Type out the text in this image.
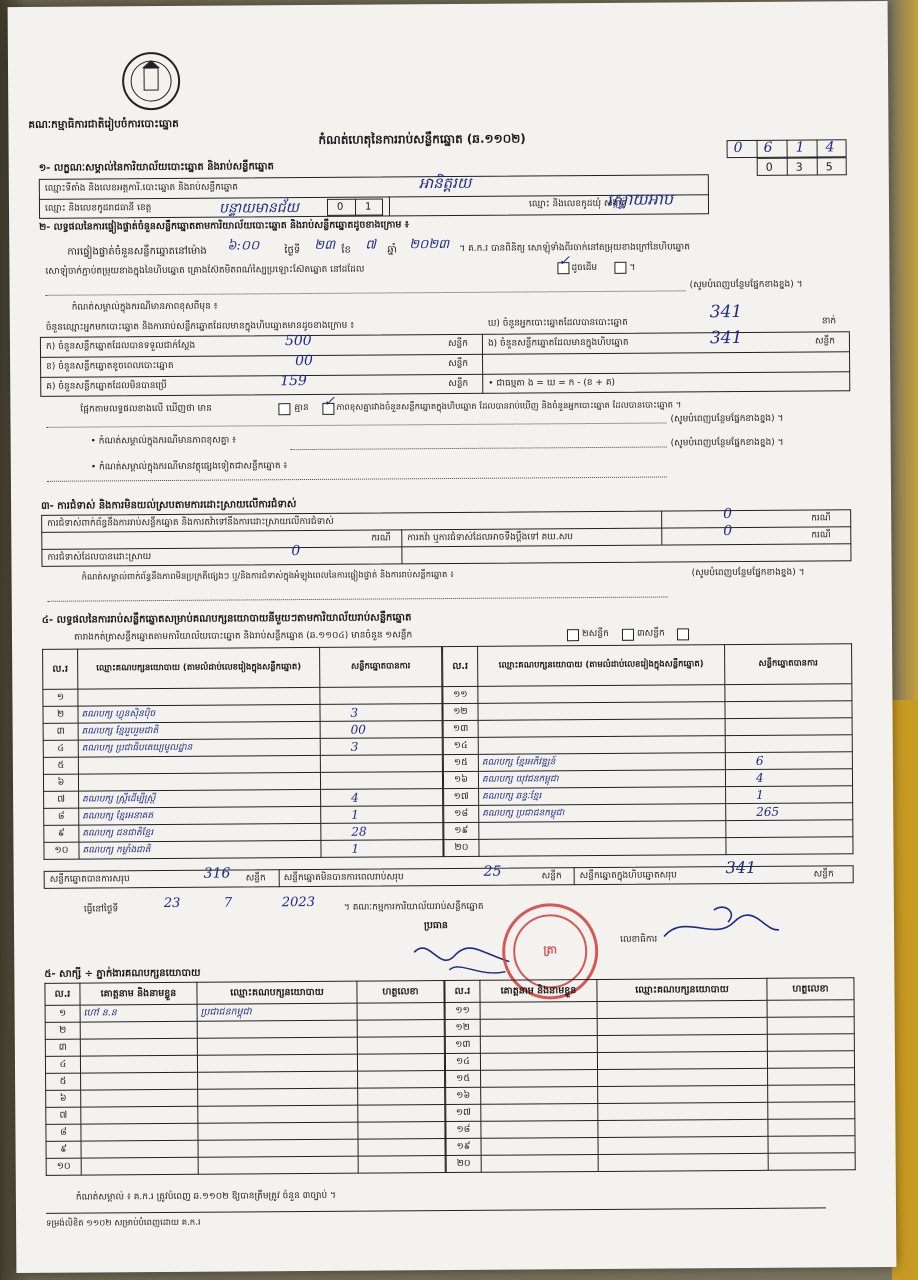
គណៈកម្មាធិការជាតិរៀបចំការបោះឆ្នោត
កំណត់ហេតុនៃការរាប់សន្លឹកឆ្នោត (ឆ.១១០២)
0 6 1 4
0 3 5
១- លក្ខណៈសម្គាល់នៃការិយាល័យបោះឆ្នោត និងរាប់សន្លឹកឆ្នោត
ឈ្មោះទីតាំង និងលេខអត្តការិ.បោះឆ្នោត និងរាប់សន្លឹកឆ្នោត	អានិត្តរយ
ឈ្មោះ និងលេខកូដឃុំ សង្កាត់
ស្ទោយអាប
ឈ្មោះ និងលេខកូដរាជធានី ខេត្ត	បន្ទាយមានជ័យ	0 1
២- លទ្ធផលនៃការផ្ទៀងផ្ទាត់ចំនួនសន្លឹកឆ្នោតតាមការិយាល័យបោះឆ្នោត និងរាប់សន្លឹកឆ្នោតដូចខាងក្រោម ៖
ការផ្ទៀងផ្ទាត់ចំនួនសន្លឹកឆ្នោតនៅម៉ោង ៦:០០ ថ្ងៃទី ២៣ ខែ ៧ ឆ្នាំ ២០២៣ ។ គ.ក.រ បានពិនិត្យ សោឡុំទាំងពីរចាក់នៅតម្រុយខាងក្រៅនៃហិបឆ្នោត
សោឡុំចាក់ភ្ជាប់តម្រុយខាងក្នុងនៃហិបឆ្នោត គ្រោងស៊ែតមិតពណ៌ស្បៃប្រឡោះស៊ែតឆ្នោត នៅដដែល
✓ ដូចដើម	។
(សូមបំពេញបន្ថែមផ្នែកខាងខ្នង) ។
កំណត់សម្គាល់ក្នុងករណីមានភាពខុសពីមុន ៖
ចំនួនឈ្មោះអ្នកមកបោះឆ្នោត និងការរាប់សន្លឹកឆ្នោតដែលមានក្នុងហិបឆ្នោតមានដូចខាងក្រោម ៖
ក) ចំនួនសន្លឹកឆ្នោតដែលបានទទួលជាក់ស្តែង	500	សន្លឹក
ខ) ចំនួនសន្លឹកឆ្នោតខូចពេលបោះឆ្នោត	00	សន្លឹក
គ) ចំនួនសន្លឹកឆ្នោតដែលមិនបានប្រើ	159	សន្លឹក
ឃ) ចំនួនអ្នកបោះឆ្នោតដែលបានបោះឆ្នោត
341	នាក់
ង) ចំនួនសន្លឹកឆ្នោតដែលមានក្នុងហិបឆ្នោត	341	សន្លឹក
• ជាធម្មតា ង = ឃ = ក - (ខ + គ)
ផ្អែកតាមលទ្ធផលខាងលើ ឃើញថា មាន	គ្មាន ✓ ភាពខុសគ្នារវាងចំនួនសន្លឹកឆ្នោតក្នុងហិបឆ្នោត ដែលបានរាប់ឃើញ និងចំនួនអ្នកបោះឆ្នោត ដែលបានបោះឆ្នោត ។
• កំណត់សម្គាល់ក្នុងករណីមានភាពខុសគ្នា ៖
(សូមបំពេញបន្ថែមផ្នែកខាងខ្នង) ។
(សូមបំពេញបន្ថែមផ្នែកខាងខ្នង) ។
• កំណត់សម្គាល់ក្នុងករណីមានវត្ថុផ្សេងទៀតជាសន្លឹកឆ្នោត ៖
៣- ការជំទាស់ និងការមិនយល់ស្របតាមការដោះស្រាយលើការជំទាស់
ការជំទាស់ពាក់ព័ន្ធនឹងការរាប់សន្លឹកឆ្នោត និងការតវ៉ាទៅនឹងការដោះស្រាយលើការជំទាស់
0	ករណី
ការតវ៉ា ឬការជំទាស់ដែលអាចទឹងប្តឹងទៅ គឃ.សប	0	ករណី
ការជំទាស់ដែលបានដោះស្រាយ	0
ករណី
កំណត់សម្គាល់ពាក់ព័ន្ធនឹងភាពមិនប្រក្រតីផ្សេងៗ ឬ/និងការជំទាស់ក្នុងអំឡុងពេលនៃការផ្ទៀងផ្ទាត់ និងការរាប់សន្លឹកឆ្នោត ៖	(សូមបំពេញបន្ថែមផ្នែកខាងខ្នង) ។
៤- លទ្ធផលនៃការរាប់សន្លឹកឆ្នោតសម្រាប់គណបក្សនយោបាយនីមួយៗតាមការិយាល័យរាប់សន្លឹកឆ្នោត
តារាងកត់ត្រាសន្លឹកឆ្នោតតាមការិយាល័យបោះឆ្នោត និងរាប់សន្លឹកឆ្នោត (ឆ.១១០៤) មានចំនួន ១សន្លឹក	២សន្លឹក	៣សន្លឹក
ល.រ	ឈ្មោះគណបក្សនយោបាយ (តាមលំដាប់លេខរៀងក្នុងសន្លឹកឆ្នោត)	សន្លឹកឆ្នោតបានការ
១		
២	គណបក្ស ហ្វុនស៊ិនប៉ិច	3
៣	គណបក្ស ខ្មែររួបរួមជាតិ	00
៤	គណបក្ស ប្រជាធិបតេយ្យមូលដ្ឋាន	3
៥		
៦		
៧	គណបក្ស ស្ត្រីដើម្បីស្ត្រី	4
៨	គណបក្ស ខ្មែរអនាគត	1
៩	គណបក្ស ជនជាតិខ្មែរ	28
១០	គណបក្ស កម្លាំងជាតិ	1
ល.រ	ឈ្មោះគណបក្សនយោបាយ (តាមលំដាប់លេខរៀងក្នុងសន្លឹកឆ្នោត)	សន្លឹកឆ្នោតបានការ
១១		
១២		
១៣		
១៤		
១៥	គណបក្ស ខ្មែរអភិវឌ្ឍន៍	6
១៦	គណបក្ស យុវជនកម្ពុជា	4
១៧	គណបក្ស ឆន្ទៈខ្មែរ	1
១៨	គណបក្ស ប្រជាជនកម្ពុជា	265
១៩		
២០		
សន្លឹកឆ្នោតបានការសរុប	316 សន្លឹក សន្លឹកឆ្នោតមិនបានការពេលរាប់សរុប	25	សន្លឹក សន្លឹកឆ្នោតក្នុងហិបឆ្នោតសរុប	341	សន្លឹក
ធ្វើនៅថ្ងៃទី	23	7	2023	។ គណៈកម្មការការិយាល័យរាប់សន្លឹកឆ្នោត
ប្រធាន
លេខាធិការ
ត្រា
៥- សាក្សី ÷ ភ្នាក់ងារគណបក្សនយោបាយ
ល.រ	គោត្តនាម និងនាមខ្លួន	ឈ្មោះគណបក្សនយោបាយ	ហត្ថលេខា
១	ហៅ ន.ន	ប្រជាជនកម្ពុជា	
២			
៣			
៤			
៥			
៦			
៧			
៨			
៩			
១០			
ល.រ	គោត្តនាម និងនាមខ្លួន	ឈ្មោះគណបក្សនយោបាយ	ហត្ថលេខា
១១			
១២			
១៣			
១៤			
១៥			
១៦			
១៧			
១៨			
១៩			
២០			
កំណត់សម្គាល់ ៖ គ.ក.រ ត្រូវបំពេញ ឆ.១១០២ ឱ្យបានត្រឹមត្រូវ ចំនួន ៣ច្បាប់ ។
ទម្រង់លិខិត ១១០២ សម្រាប់បំពេញដោយ គ.ក.រ
